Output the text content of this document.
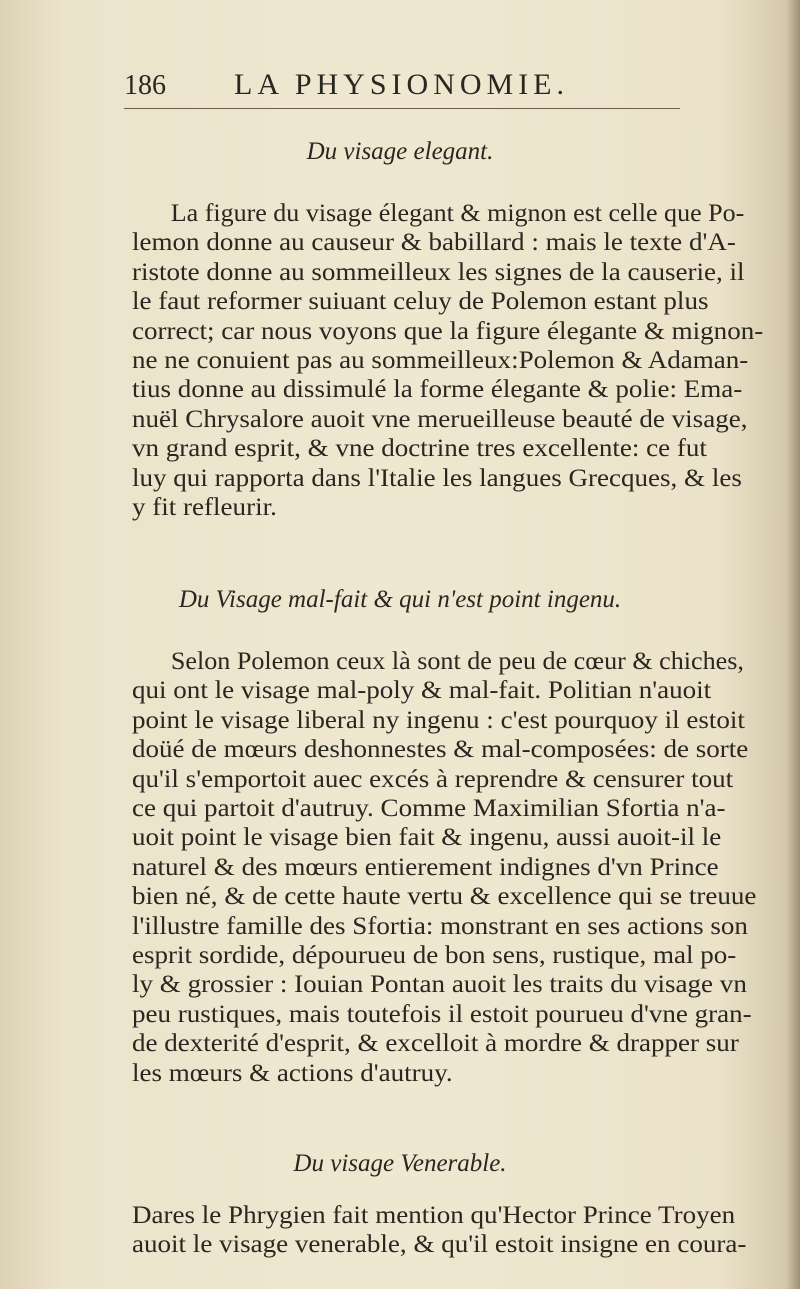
186	LA PHYSIONOMIE.
Du visage elegant.
La figure du visage élegant & mignon est celle que Po-
lemon donne au causeur & babillard : mais le texte d'A-
ristote donne au sommeilleux les signes de la causerie, il
le faut reformer suiuant celuy de Polemon estant plus
correct; car nous voyons que la figure élegante & mignon-
ne ne conuient pas au sommeilleux:Polemon & Adaman-
tius donne au dissimulé la forme élegante & polie: Ema-
nuël Chrysalore auoit vne merueilleuse beauté de visage,
vn grand esprit, & vne doctrine tres excellente: ce fut
luy qui rapporta dans l'Italie les langues Grecques, & les
y fit refleurir.
Du Visage mal-fait & qui n'est point ingenu.
Selon Polemon ceux là sont de peu de cœur & chiches,
qui ont le visage mal-poly & mal-fait. Politian n'auoit
point le visage liberal ny ingenu : c'est pourquoy il estoit
doüé de mœurs deshonnestes & mal-composées: de sorte
qu'il s'emportoit auec excés à reprendre & censurer tout
ce qui partoit d'autruy. Comme Maximilian Sfortia n'a-
uoit point le visage bien fait & ingenu, aussi auoit-il le
naturel & des mœurs entierement indignes d'vn Prince
bien né, & de cette haute vertu & excellence qui se treuue
l'illustre famille des Sfortia: monstrant en ses actions son
esprit sordide, dépourueu de bon sens, rustique, mal po-
ly & grossier : Iouian Pontan auoit les traits du visage vn
peu rustiques, mais toutefois il estoit pourueu d'vne gran-
de dexterité d'esprit, & excelloit à mordre & drapper sur
les mœurs & actions d'autruy.
Du visage Venerable.
Dares le Phrygien fait mention qu'Hector Prince Troyen
auoit le visage venerable, & qu'il estoit insigne en coura-
